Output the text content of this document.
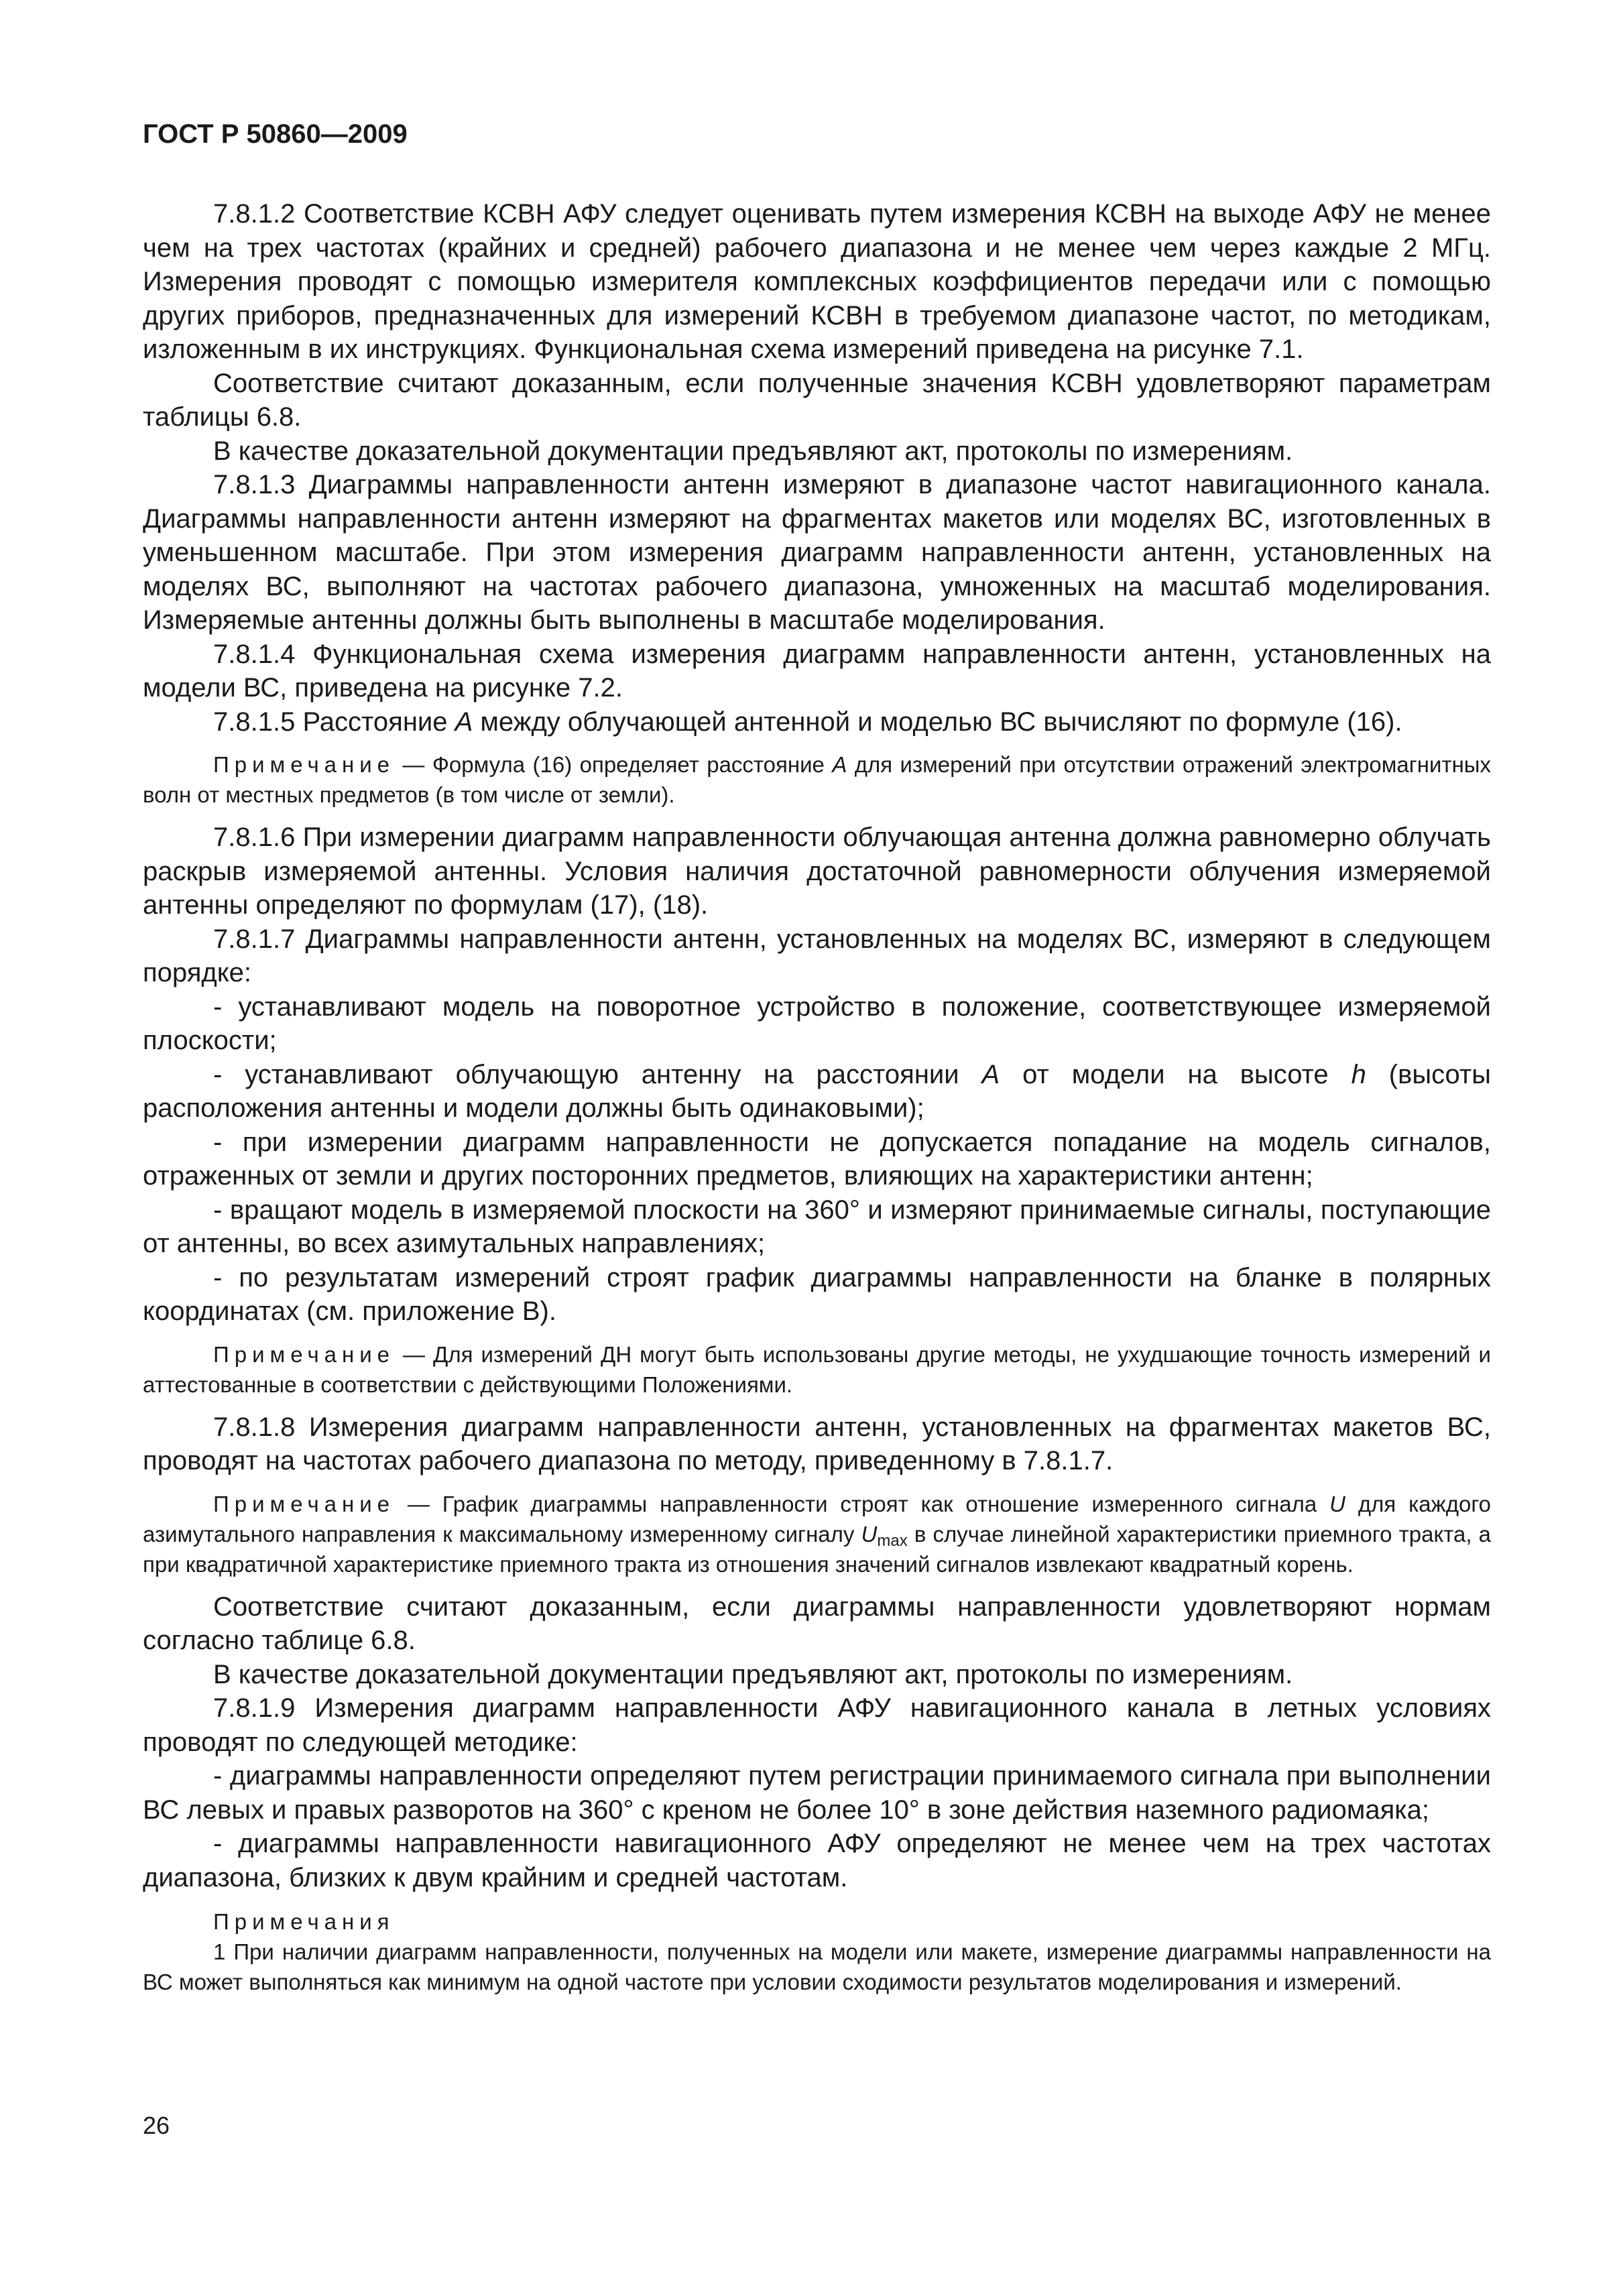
ГОСТ Р 50860—2009

7.8.1.2 Соответствие КСВН АФУ следует оценивать путем измерения КСВН на выходе АФУ не менее чем на трех частотах (крайних и средней) рабочего диапазона и не менее чем через каждые 2 МГц. Измерения проводят с помощью измерителя комплексных коэффициентов передачи или с помощью других приборов, предназначенных для измерений КСВН в требуемом диапазоне частот, по методикам, изложенным в их инструкциях. Функциональная схема измерений приведена на рисунке 7.1.

Соответствие считают доказанным, если полученные значения КСВН удовлетворяют параметрам таблицы 6.8.

В качестве доказательной документации предъявляют акт, протоколы по измерениям.

7.8.1.3 Диаграммы направленности антенн измеряют в диапазоне частот навигационного канала. Диаграммы направленности антенн измеряют на фрагментах макетов или моделях ВС, изготовленных в уменьшенном масштабе. При этом измерения диаграмм направленности антенн, установленных на моделях ВС, выполняют на частотах рабочего диапазона, умноженных на масштаб моделирования. Измеряемые антенны должны быть выполнены в масштабе моделирования.

7.8.1.4 Функциональная схема измерения диаграмм направленности антенн, установленных на модели ВС, приведена на рисунке 7.2.

7.8.1.5 Расстояние А между облучающей антенной и моделью ВС вычисляют по формуле (16).

Примечание — Формула (16) определяет расстояние А для измерений при отсутствии отражений электромагнитных волн от местных предметов (в том числе от земли).

7.8.1.6 При измерении диаграмм направленности облучающая антенна должна равномерно облучать раскрыв измеряемой антенны. Условия наличия достаточной равномерности облучения измеряемой антенны определяют по формулам (17), (18).

7.8.1.7 Диаграммы направленности антенн, установленных на моделях ВС, измеряют в следующем порядке:

- устанавливают модель на поворотное устройство в положение, соответствующее измеряемой плоскости;

- устанавливают облучающую антенну на расстоянии А от модели на высоте h (высоты расположения антенны и модели должны быть одинаковыми);

- при измерении диаграмм направленности не допускается попадание на модель сигналов, отраженных от земли и других посторонних предметов, влияющих на характеристики антенн;

- вращают модель в измеряемой плоскости на 360° и измеряют принимаемые сигналы, поступающие от антенны, во всех азимутальных направлениях;

- по результатам измерений строят график диаграммы направленности на бланке в полярных координатах (см. приложение В).

Примечание — Для измерений ДН могут быть использованы другие методы, не ухудшающие точность измерений и аттестованные в соответствии с действующими Положениями.

7.8.1.8 Измерения диаграмм направленности антенн, установленных на фрагментах макетов ВС, проводят на частотах рабочего диапазона по методу, приведенному в 7.8.1.7.

Примечание — График диаграммы направленности строят как отношение измеренного сигнала U для каждого азимутального направления к максимальному измеренному сигналу $U_{max}$ в случае линейной характеристики приемного тракта, а при квадратичной характеристике приемного тракта из отношения значений сигналов извлекают квадратный корень.

Соответствие считают доказанным, если диаграммы направленности удовлетворяют нормам согласно таблице 6.8.

В качестве доказательной документации предъявляют акт, протоколы по измерениям.

7.8.1.9 Измерения диаграмм направленности АФУ навигационного канала в летных условиях проводят по следующей методике:

- диаграммы направленности определяют путем регистрации принимаемого сигнала при выполнении ВС левых и правых разворотов на 360° с креном не более 10° в зоне действия наземного радиомаяка;

- диаграммы направленности навигационного АФУ определяют не менее чем на трех частотах диапазона, близких к двум крайним и средней частотам.

Примечания

1 При наличии диаграмм направленности, полученных на модели или макете, измерение диаграммы направленности на ВС может выполняться как минимум на одной частоте при условии сходимости результатов моделирования и измерений.

26
